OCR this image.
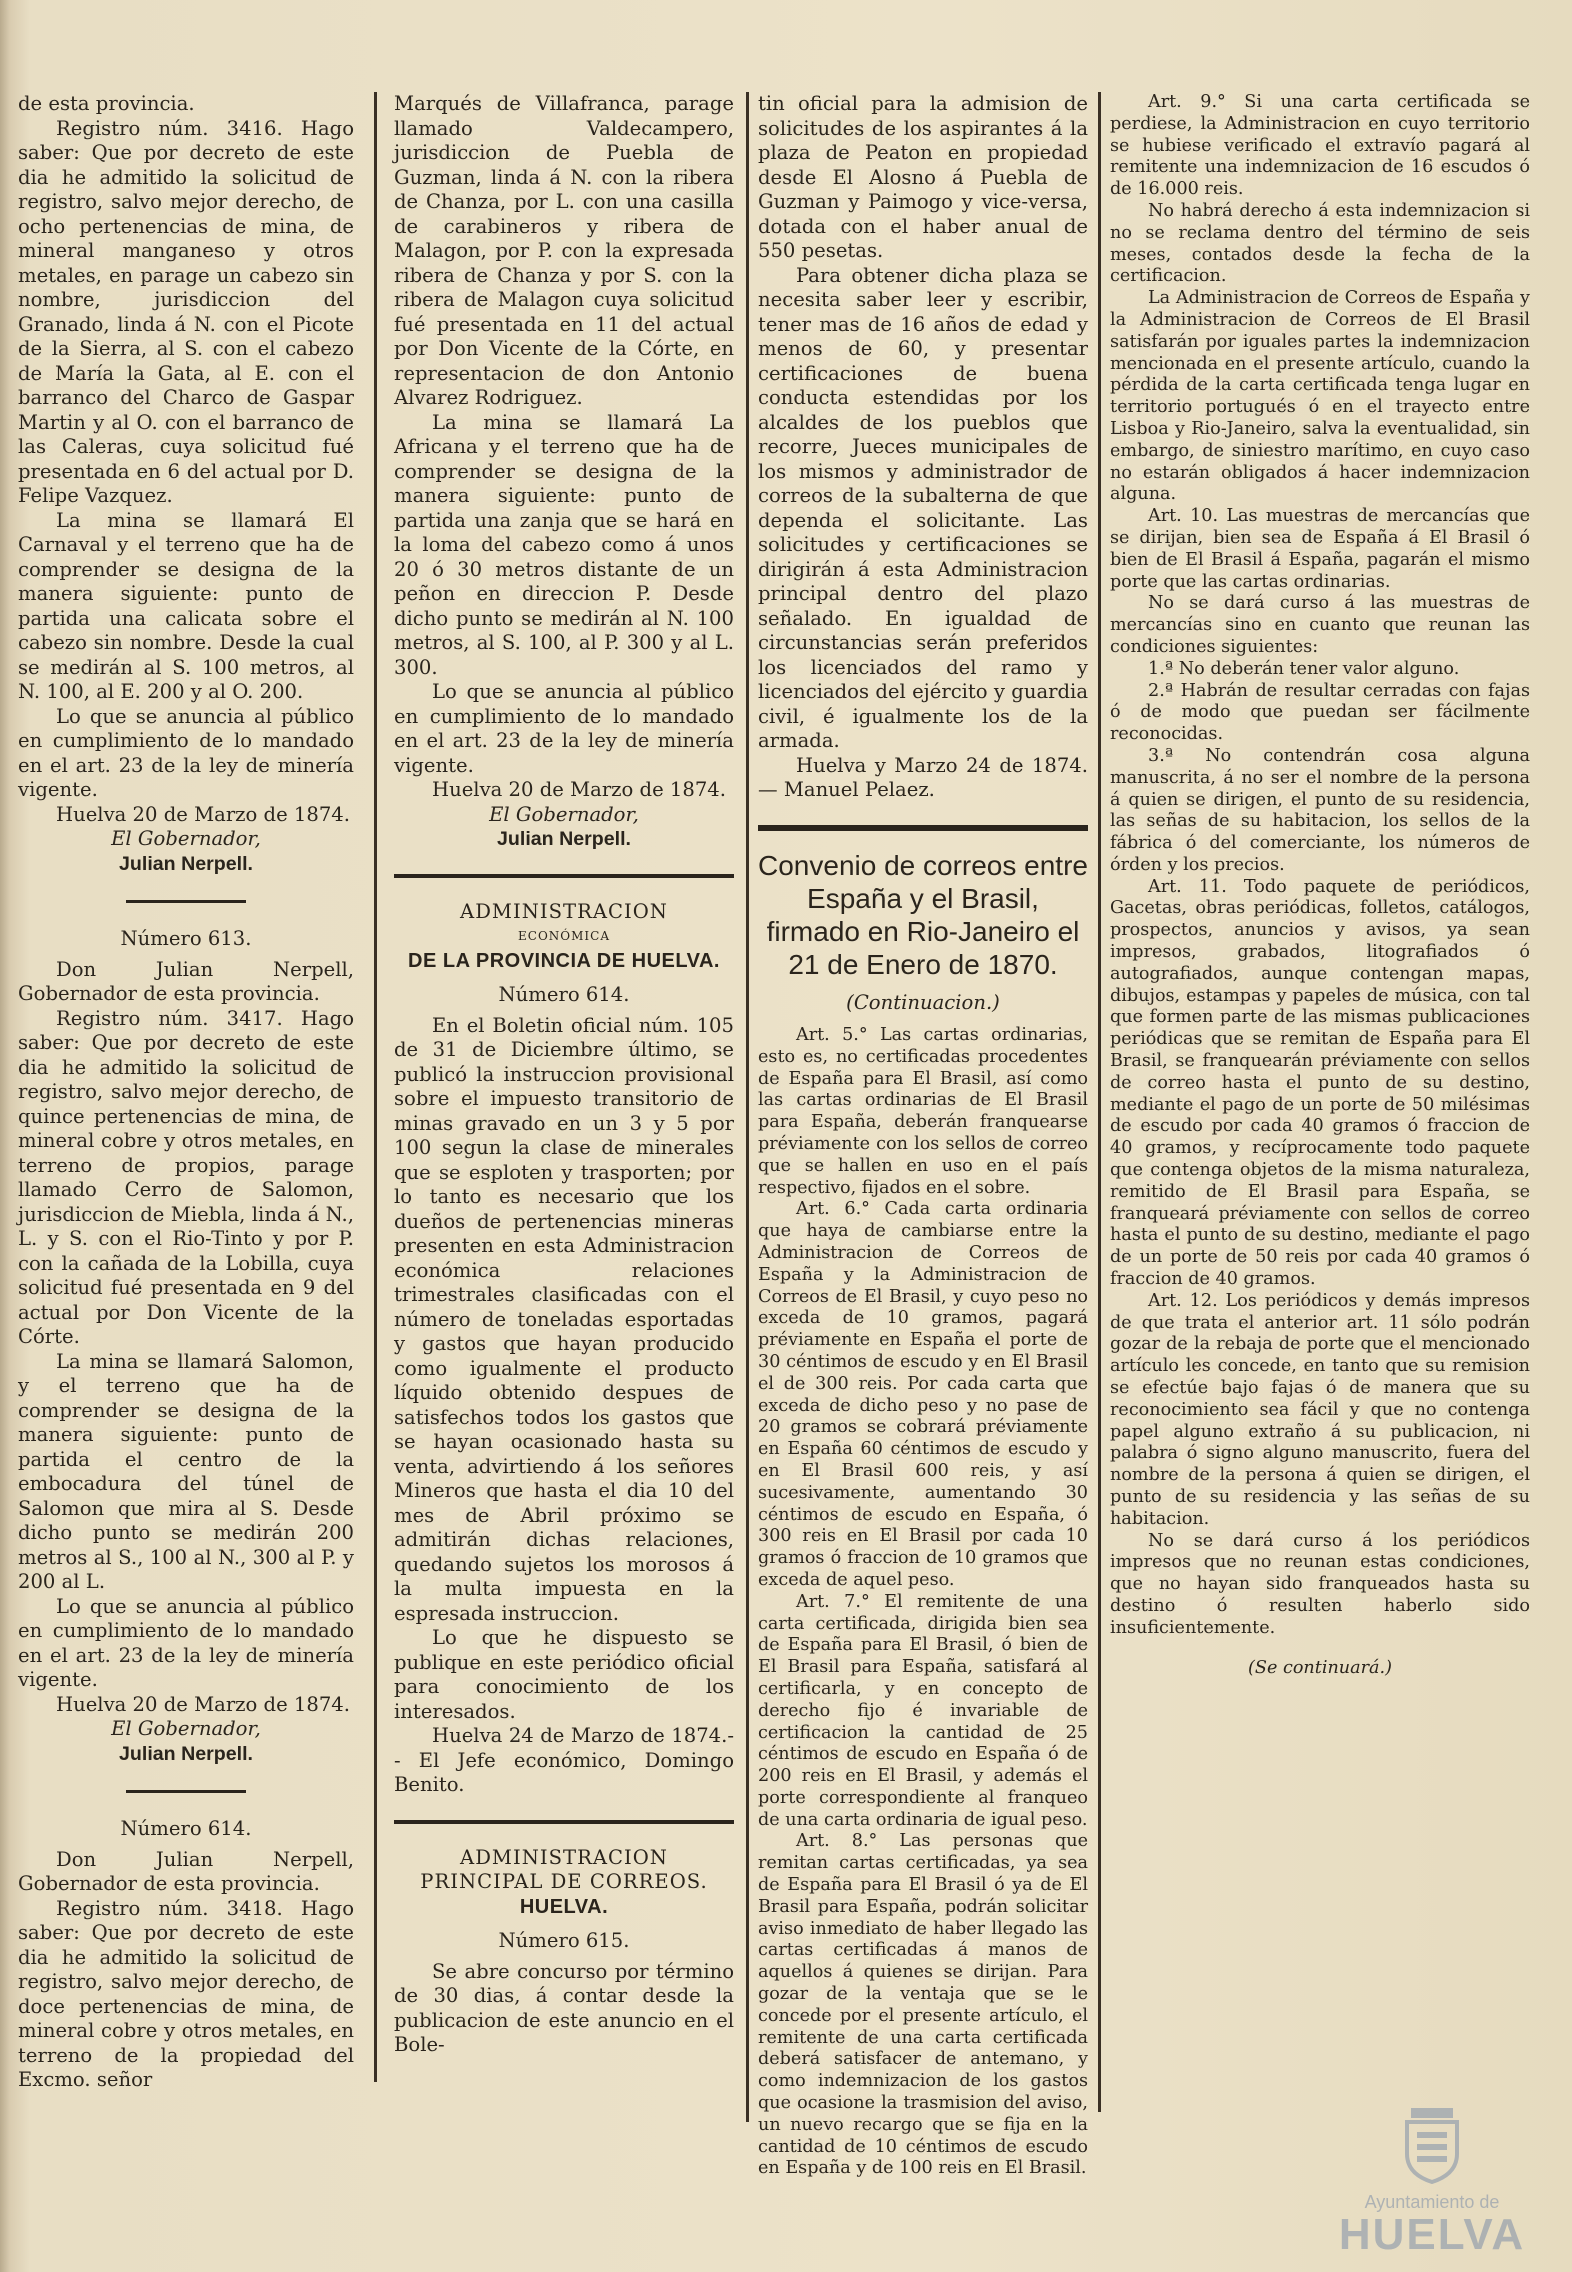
de esta provincia.

Registro núm. 3416. Hago saber: Que por decreto de este dia he admitido la solicitud de registro, salvo mejor derecho, de ocho pertenencias de mina, de mineral manganeso y otros metales, en parage un cabezo sin nombre, jurisdiccion del Granado, linda á N. con el Picote de la Sierra, al S. con el cabezo de María la Gata, al E. con el barranco del Charco de Gaspar Martin y al O. con el barranco de las Caleras, cuya solicitud fué presentada en 6 del actual por D. Felipe Vazquez.

La mina se llamará El Carnaval y el terreno que ha de comprender se designa de la manera siguiente: punto de partida una calicata sobre el cabezo sin nombre. Desde la cual se medirán al S. 100 metros, al N. 100, al E. 200 y al O. 200.

Lo que se anuncia al público en cumplimiento de lo mandado en el art. 23 de la ley de minería vigente.

Huelva 20 de Marzo de 1874.

El Gobernador,

Julian Nerpell.

Número 613.

Don Julian Nerpell, Gobernador de esta provincia.

Registro núm. 3417. Hago saber: Que por decreto de este dia he admitido la solicitud de registro, salvo mejor derecho, de quince pertenencias de mina, de mineral cobre y otros metales, en terreno de propios, parage llamado Cerro de Salomon, jurisdiccion de Miebla, linda á N., L. y S. con el Rio-Tinto y por P. con la cañada de la Lobilla, cuya solicitud fué presentada en 9 del actual por Don Vicente de la Córte.

La mina se llamará Salomon, y el terreno que ha de comprender se designa de la manera siguiente: punto de partida el centro de la embocadura del túnel de Salomon que mira al S. Desde dicho punto se medirán 200 metros al S., 100 al N., 300 al P. y 200 al L.

Lo que se anuncia al público en cumplimiento de lo mandado en el art. 23 de la ley de minería vigente.

Huelva 20 de Marzo de 1874.

El Gobernador,

Julian Nerpell.

Número 614.

Don Julian Nerpell, Gobernador de esta provincia.

Registro núm. 3418. Hago saber: Que por decreto de este dia he admitido la solicitud de registro, salvo mejor derecho, de doce pertenencias de mina, de mineral cobre y otros metales, en terreno de la propiedad del Excmo. señor

Marqués de Villafranca, parage llamado Valdecampero, jurisdiccion de Puebla de Guzman, linda á N. con la ribera de Chanza, por L. con una casilla de carabineros y ribera de Malagon, por P. con la expresada ribera de Chanza y por S. con la ribera de Malagon cuya solicitud fué presentada en 11 del actual por Don Vicente de la Córte, en representacion de don Antonio Alvarez Rodriguez.

La mina se llamará La Africana y el terreno que ha de comprender se designa de la manera siguiente: punto de partida una zanja que se hará en la loma del cabezo como á unos 20 ó 30 metros distante de un peñon en direccion P. Desde dicho punto se medirán al N. 100 metros, al S. 100, al P. 300 y al L. 300.

Lo que se anuncia al público en cumplimiento de lo mandado en el art. 23 de la ley de minería vigente.

Huelva 20 de Marzo de 1874.

El Gobernador,

Julian Nerpell.

ADMINISTRACION

ECONÓMICA

DE LA PROVINCIA DE HUELVA.

Número 614.

En el Boletin oficial núm. 105 de 31 de Diciembre último, se publicó la instruccion provisional sobre el impuesto transitorio de minas gravado en un 3 y 5 por 100 segun la clase de minerales que se esploten y trasporten; por lo tanto es necesario que los dueños de pertenencias mineras presenten en esta Administracion económica relaciones trimestrales clasificadas con el número de toneladas esportadas y gastos que hayan producido como igualmente el producto líquido obtenido despues de satisfechos todos los gastos que se hayan ocasionado hasta su venta, advirtiendo á los señores Mineros que hasta el dia 10 del mes de Abril próximo se admitirán dichas relaciones, quedando sujetos los morosos á la multa impuesta en la espresada instruccion.

Lo que he dispuesto se publique en este periódico oficial para conocimiento de los interesados.

Huelva 24 de Marzo de 1874.-- El Jefe económico, Domingo Benito.

ADMINISTRACION

PRINCIPAL DE CORREOS.

HUELVA.

Número 615.

Se abre concurso por término de 30 dias, á contar desde la publicacion de este anuncio en el Bole-

tin oficial para la admision de solicitudes de los aspirantes á la plaza de Peaton en propiedad desde El Alosno á Puebla de Guzman y Paimogo y vice-versa, dotada con el haber anual de 550 pesetas.

Para obtener dicha plaza se necesita saber leer y escribir, tener mas de 16 años de edad y menos de 60, y presentar certificaciones de buena conducta estendidas por los alcaldes de los pueblos que recorre, Jueces municipales de los mismos y administrador de correos de la subalterna de que dependa el solicitante. Las solicitudes y certificaciones se dirigirán á esta Administracion principal dentro del plazo señalado. En igualdad de circunstancias serán preferidos los licenciados del ramo y licenciados del ejército y guardia civil, é igualmente los de la armada.

Huelva y Marzo 24 de 1874.— Manuel Pelaez.

Convenio de correos entre España y el Brasil, firmado en Rio-Janeiro el 21 de Enero de 1870.

(Continuacion.)

Art. 5.° Las cartas ordinarias, esto es, no certificadas procedentes de España para El Brasil, así como las cartas ordinarias de El Brasil para España, deberán franquearse préviamente con los sellos de correo que se hallen en uso en el país respectivo, fijados en el sobre.

Art. 6.° Cada carta ordinaria que haya de cambiarse entre la Administracion de Correos de España y la Administracion de Correos de El Brasil, y cuyo peso no exceda de 10 gramos, pagará préviamente en España el porte de 30 céntimos de escudo y en El Brasil el de 300 reis. Por cada carta que exceda de dicho peso y no pase de 20 gramos se cobrará préviamente en España 60 céntimos de escudo y en El Brasil 600 reis, y así sucesivamente, aumentando 30 céntimos de escudo en España, ó 300 reis en El Brasil por cada 10 gramos ó fraccion de 10 gramos que exceda de aquel peso.

Art. 7.° El remitente de una carta certificada, dirigida bien sea de España para El Brasil, ó bien de El Brasil para España, satisfará al certificarla, y en concepto de derecho fijo é invariable de certificacion la cantidad de 25 céntimos de escudo en España ó de 200 reis en El Brasil, y además el porte correspondiente al franqueo de una carta ordinaria de igual peso.

Art. 8.° Las personas que remitan cartas certificadas, ya sea de España para El Brasil ó ya de El Brasil para España, podrán solicitar aviso inmediato de haber llegado las cartas certificadas á manos de aquellos á quienes se dirijan. Para gozar de la ventaja que se le concede por el presente artículo, el remitente de una carta certificada deberá satisfacer de antemano, y como indemnizacion de los gastos que ocasione la trasmision del aviso, un nuevo recargo que se fija en la cantidad de 10 céntimos de escudo en España y de 100 reis en El Brasil.

Art. 9.° Si una carta certificada se perdiese, la Administracion en cuyo territorio se hubiese verificado el extravío pagará al remitente una indemnizacion de 16 escudos ó de 16.000 reis.

No habrá derecho á esta indemnizacion si no se reclama dentro del término de seis meses, contados desde la fecha de la certificacion.

La Administracion de Correos de España y la Administracion de Correos de El Brasil satisfarán por iguales partes la indemnizacion mencionada en el presente artículo, cuando la pérdida de la carta certificada tenga lugar en territorio portugués ó en el trayecto entre Lisboa y Rio-Janeiro, salva la eventualidad, sin embargo, de siniestro marítimo, en cuyo caso no estarán obligados á hacer indemnizacion alguna.

Art. 10. Las muestras de mercancías que se dirijan, bien sea de España á El Brasil ó bien de El Brasil á España, pagarán el mismo porte que las cartas ordinarias.

No se dará curso á las muestras de mercancías sino en cuanto que reunan las condiciones siguientes:

1.ª No deberán tener valor alguno.

2.ª Habrán de resultar cerradas con fajas ó de modo que puedan ser fácilmente reconocidas.

3.ª No contendrán cosa alguna manuscrita, á no ser el nombre de la persona á quien se dirigen, el punto de su residencia, las señas de su habitacion, los sellos de la fábrica ó del comerciante, los números de órden y los precios.

Art. 11. Todo paquete de periódicos, Gacetas, obras periódicas, folletos, catálogos, prospectos, anuncios y avisos, ya sean impresos, grabados, litografiados ó autografiados, aunque contengan mapas, dibujos, estampas y papeles de música, con tal que formen parte de las mismas publicaciones periódicas que se remitan de España para El Brasil, se franquearán préviamente con sellos de correo hasta el punto de su destino, mediante el pago de un porte de 50 milésimas de escudo por cada 40 gramos ó fraccion de 40 gramos, y recíprocamente todo paquete que contenga objetos de la misma naturaleza, remitido de El Brasil para España, se franqueará préviamente con sellos de correo hasta el punto de su destino, mediante el pago de un porte de 50 reis por cada 40 gramos ó fraccion de 40 gramos.

Art. 12. Los periódicos y demás impresos de que trata el anterior art. 11 sólo podrán gozar de la rebaja de porte que el mencionado artículo les concede, en tanto que su remision se efectúe bajo fajas ó de manera que su reconocimiento sea fácil y que no contenga papel alguno extraño á su publicacion, ni palabra ó signo alguno manuscrito, fuera del nombre de la persona á quien se dirigen, el punto de su residencia y las señas de su habitacion.

No se dará curso á los periódicos impresos que no reunan estas condiciones, que no hayan sido franqueados hasta su destino ó resulten haberlo sido insuficientemente.

(Se continuará.)

Ayuntamiento de
HUELVA
